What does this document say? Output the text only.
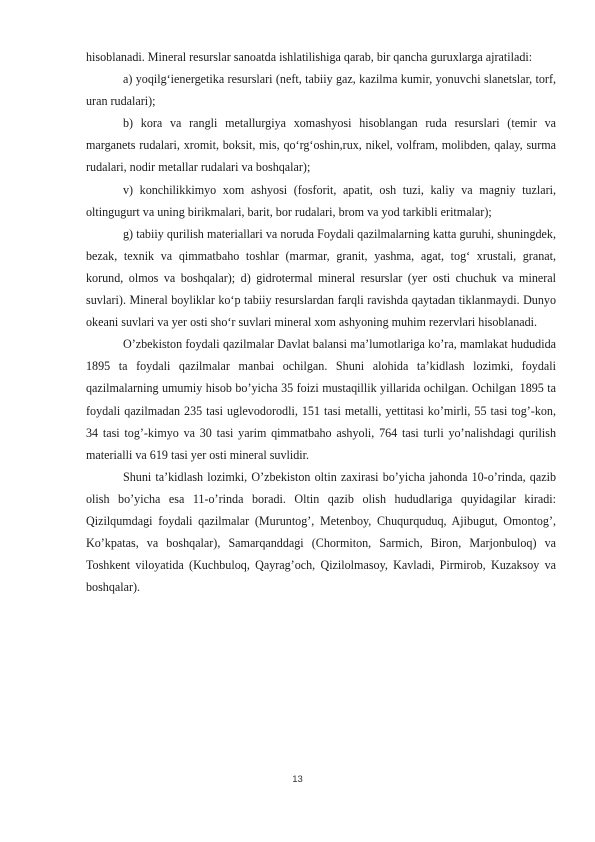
hisoblanadi. Mineral resurslar sanoatda ishlatilishiga qarab, bir qancha guruxlarga ajratiladi:

a) yoqilg‘ienergetika resurslari (neft, tabiiy gaz, kazilma kumir, yonuvchi slanetslar, torf, uran rudalari);

b) kora va rangli metallurgiya xomashyosi hisoblangan ruda resurslari (temir va marganets rudalari, xromit, boksit, mis, qo‘rg‘oshin,rux, nikel, volfram, molibden, qalay, surma rudalari, nodir metallar rudalari va boshqalar);

v) konchilikkimyo xom ashyosi (fosforit, apatit, osh tuzi, kaliy va magniy tuzlari, oltingugurt va uning birikmalari, barit, bor rudalari, brom va yod tarkibli eritmalar);

g) tabiiy qurilish materiallari va noruda Foydali qazilmalarning katta guruhi, shuningdek, bezak, texnik va qimmatbaho toshlar (marmar, granit, yashma, agat, tog‘ xrustali, granat, korund, olmos va boshqalar); d) gidrotermal mineral resurslar (yer osti chuchuk va mineral suvlari). Mineral boyliklar ko‘p tabiiy resurslardan farqli ravishda qaytadan tiklanmaydi. Dunyo okeani suvlari va yer osti sho‘r suvlari mineral xom ashyoning muhim rezervlari hisoblanadi.

O’zbekiston foydali qazilmalar Davlat balansi ma’lumotlariga ko’ra, mamlakat hududida 1895 ta foydali qazilmalar manbai ochilgan. Shuni alohida ta’kidlash lozimki, foydali qazilmalarning umumiy hisob bo’yicha 35 foizi mustaqillik yillarida ochilgan. Ochilgan 1895 ta foydali qazilmadan 235 tasi uglevodorodli, 151 tasi metalli, yettitasi ko’mirli, 55 tasi tog’-kon, 34 tasi tog’-kimyo va 30 tasi yarim qimmatbaho ashyoli, 764 tasi turli yo’nalishdagi qurilish materialli va 619 tasi yer osti mineral suvlidir.

Shuni ta’kidlash lozimki, O’zbekiston oltin zaxirasi bo’yicha jahonda 10-o’rinda, qazib olish bo’yicha esa 11-o’rinda boradi. Oltin qazib olish hududlariga quyidagilar kiradi: Qizilqumdagi foydali qazilmalar (Muruntog’, Metenboy, Chuqurquduq, Ajibugut, Omontog’, Ko’kpatas, va boshqalar), Samarqanddagi (Chormiton, Sarmich, Biron, Marjonbuloq) va Toshkent viloyatida (Kuchbuloq, Qayrag’och, Qizilolmasoy, Kavladi, Pirmirob, Kuzaksoy va boshqalar).

13
